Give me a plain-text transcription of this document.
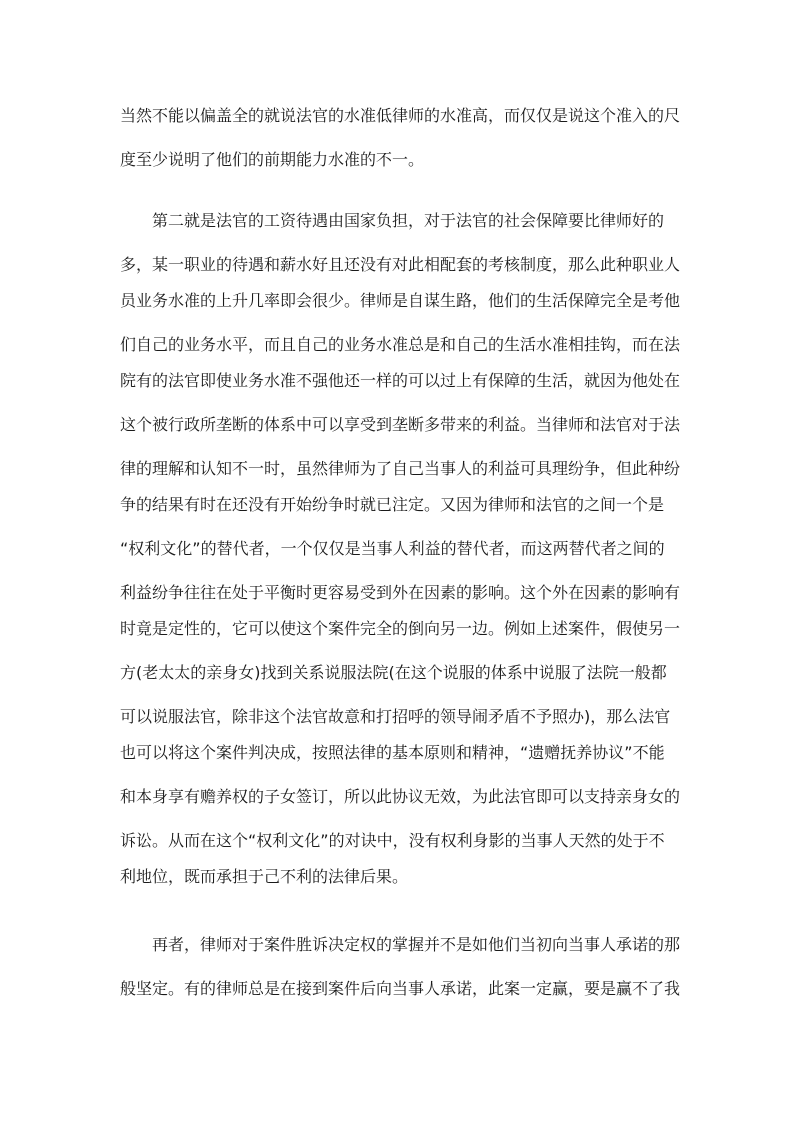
当然不能以偏盖全的就说法官的水准低律师的水准高，而仅仅是说这个准入的尺
度至少说明了他们的前期能力水准的不一。
第二就是法官的工资待遇由国家负担，对于法官的社会保障要比律师好的
多，某一职业的待遇和薪水好且还没有对此相配套的考核制度，那么此种职业人
员业务水准的上升几率即会很少。律师是自谋生路，他们的生活保障完全是考他
们自己的业务水平，而且自己的业务水准总是和自己的生活水准相挂钩，而在法
院有的法官即使业务水准不强他还一样的可以过上有保障的生活，就因为他处在
这个被行政所垄断的体系中可以享受到垄断多带来的利益。当律师和法官对于法
律的理解和认知不一时，虽然律师为了自己当事人的利益可具理纷争，但此种纷
争的结果有时在还没有开始纷争时就已注定。又因为律师和法官的之间一个是
“权利文化”的替代者，一个仅仅是当事人利益的替代者，而这两替代者之间的
利益纷争往往在处于平衡时更容易受到外在因素的影响。这个外在因素的影响有
时竟是定性的，它可以使这个案件完全的倒向另一边。例如上述案件，假使另一
方(老太太的亲身女)找到关系说服法院(在这个说服的体系中说服了法院一般都
可以说服法官，除非这个法官故意和打招呼的领导闹矛盾不予照办)，那么法官
也可以将这个案件判决成，按照法律的基本原则和精神，“遗赠抚养协议”不能
和本身享有赡养权的子女签订，所以此协议无效，为此法官即可以支持亲身女的
诉讼。从而在这个“权利文化”的对诀中，没有权利身影的当事人天然的处于不
利地位，既而承担于己不利的法律后果。
再者，律师对于案件胜诉决定权的掌握并不是如他们当初向当事人承诺的那
般坚定。有的律师总是在接到案件后向当事人承诺，此案一定赢，要是赢不了我
